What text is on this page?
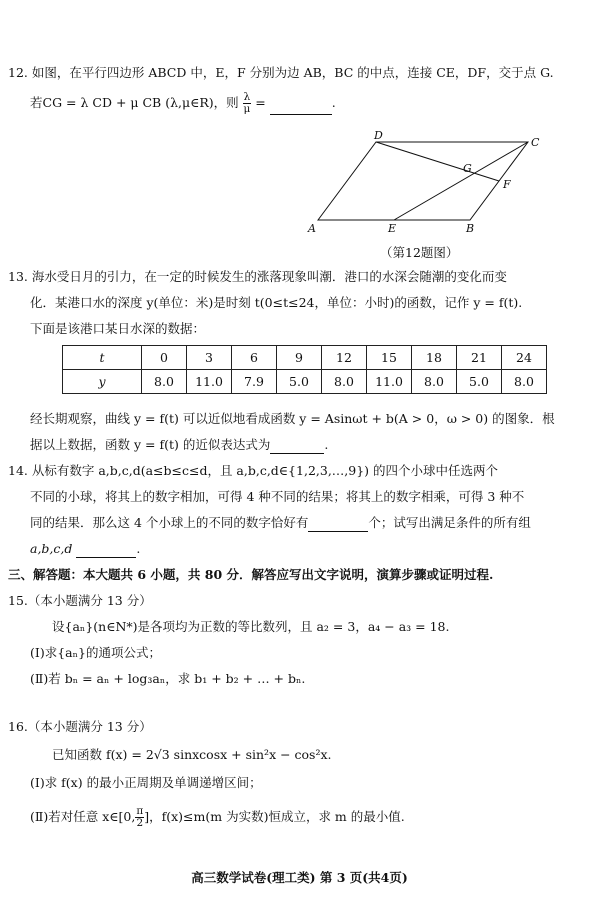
12. 如图，在平行四边形 ABCD 中，E，F 分别为边 AB，BC 的中点，连接 CE，DF，交于点 G.
若CG = λ CD + μ CB (λ,μ∈R)，则 $\frac{\lambda}{\mu}$ =	.
A	B
C
D
E
F
G
（第12题图）
13. 海水受日月的引力，在一定的时候发生的涨落现象叫潮．港口的水深会随潮的变化而变
化．某港口水的深度 y(单位：米)是时刻 t(0≤t≤24，单位：小时)的函数，记作 y = f(t).
下面是该港口某日水深的数据：
t	0	3	6	9	12	15	18	21	24
y	8.0	11.0	7.9	5.0	8.0	11.0	8.0	5.0	8.0
经长期观察，曲线 y = f(t) 可以近似地看成函数 y = Asinωt + b(A > 0，ω > 0) 的图象．根
据以上数据，函数 y = f(t) 的近似表达式为	.
14. 从标有数字 a,b,c,d(a≤b≤c≤d，且 a,b,c,d∈{1,2,3,…,9}) 的四个小球中任选两个
不同的小球，将其上的数字相加，可得 4 种不同的结果；将其上的数字相乘，可得 3 种不
同的结果．那么这 4 个小球上的不同的数字恰好有	个；试写出满足条件的所有组
a,b,c,d	.
三、解答题：本大题共 6 小题，共 80 分．解答应写出文字说明，演算步骤或证明过程.
15.（本小题满分 13 分）
设{aₙ}(n∈N*)是各项均为正数的等比数列，且 a₂ = 3，a₄ − a₃ = 18.
(Ⅰ)求{aₙ}的通项公式；
(Ⅱ)若 bₙ = aₙ + log₃aₙ，求 b₁ + b₂ + … + bₙ.
16.（本小题满分 13 分）
已知函数 f(x) = 2√3 sinxcosx + sin²x − cos²x.
(Ⅰ)求 f(x) 的最小正周期及单调递增区间；
(Ⅱ)若对任意 x∈[0, $\frac{\pi}{2}$ ]，f(x)≤m(m 为实数)恒成立，求 m 的最小值.
高三数学试卷(理工类) 第 3 页(共4页)
